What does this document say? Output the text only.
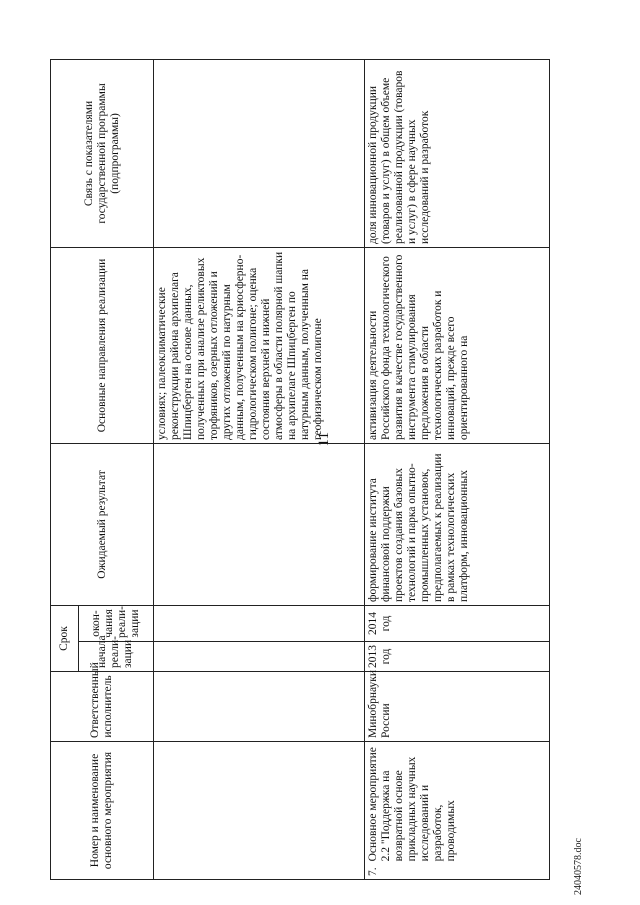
11
Номер и наименование основного мероприятия	Ответственный исполнитель	Срок		Ожидаемый результат	Основные направления реализации	Связь с показателями государственной программы (подпрограммы)
		начала реали-зации	окон-чания реали-зации			
					условиях; палеоклиматические реконструкции района архипелага Шпицберген на основе данных, полученных при анализе реликтовых торфяников, озерных отложений и других отложений по натурным данным, полученным на криосферно-гидрологическом полигоне; оценка состояния верхней и нижней атмосферы в области полярной шапки на архипелаге Шпицберген по натурным данным, полученным на геофизическом полигоне	

7.
Основное мероприятие 2.2 "Поддержка на возвратной основе прикладных научных исследований и разработок, проводимых	Минобрнауки России	2013 год	2014 год	формирование института финансовой поддержки проектов создания базовых технологий и парка опытно-промышленных установок, предполагаемых к реализации в рамках технологических платформ, инновационных	активизация деятельности Российского фонда технологического развития в качестве государственного инструмента стимулирования предложения в области технологических разработок и инноваций, прежде всего ориентированного на	доля инновационной продукции (товаров и услуг) в общем объеме реализованной продукции (товаров и услуг) в сфере научных исследований и разработок
24040578.doc
